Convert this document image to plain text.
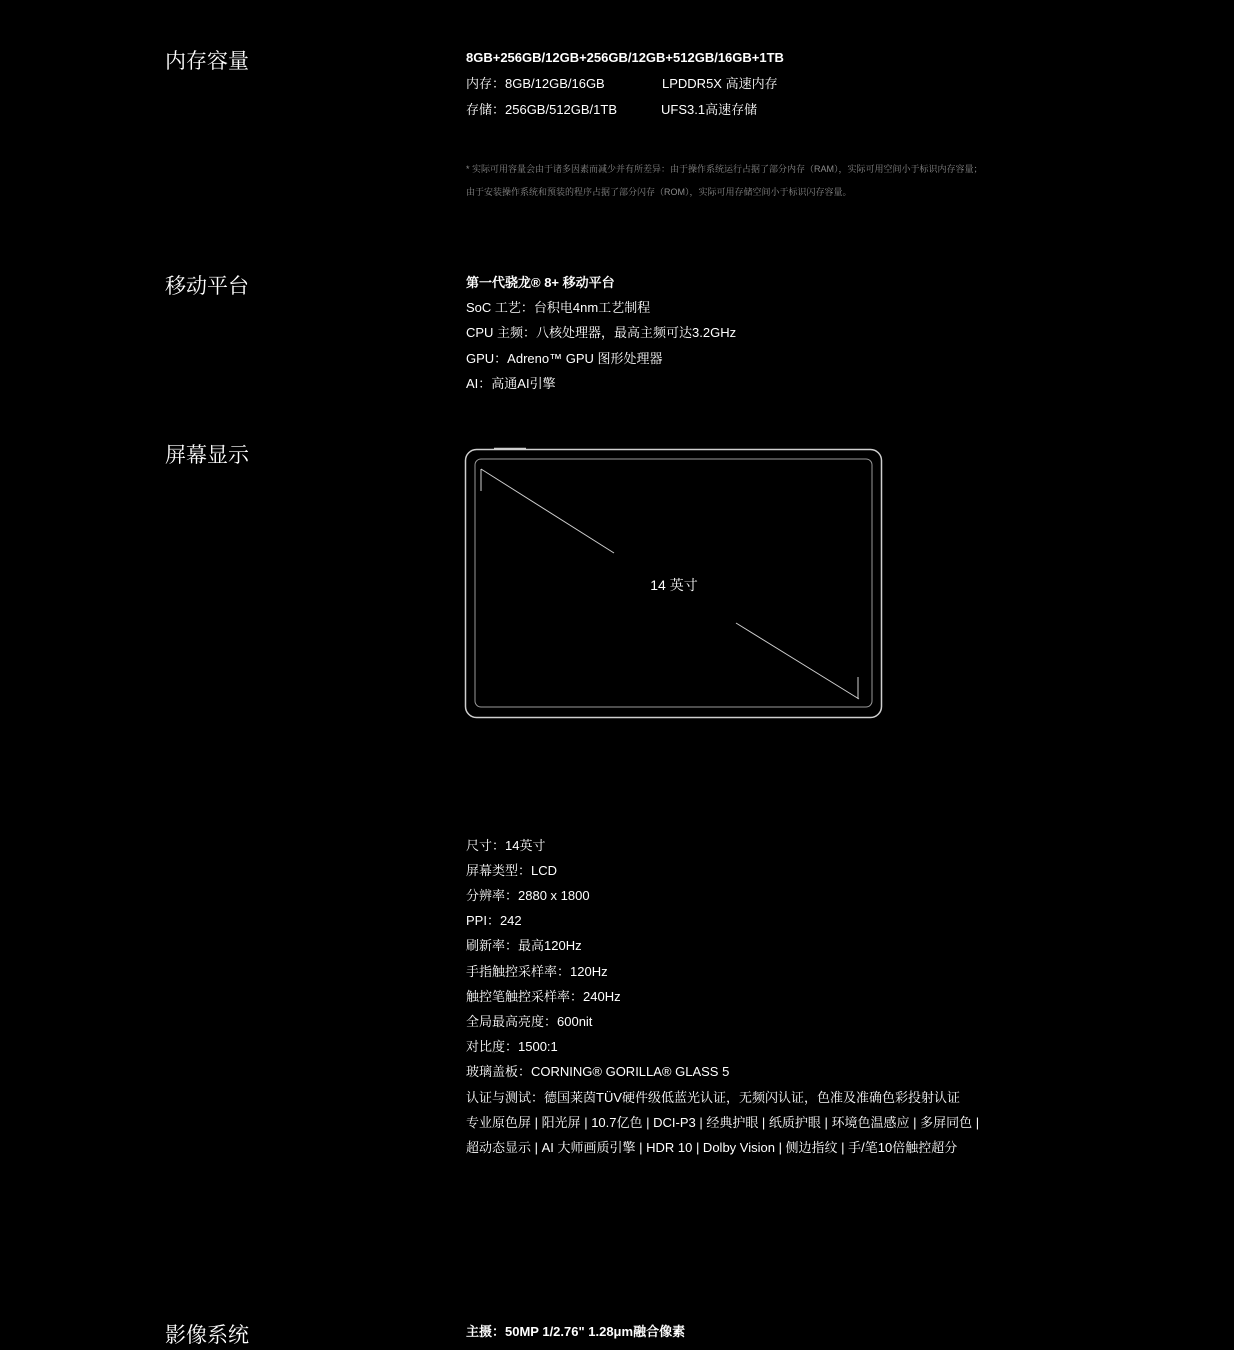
内存容量	8GB+256GB/12GB+256GB/12GB+512GB/16GB+1TB
内存：8GB/12GB/16GB	LPDDR5X 高速内存
存储：256GB/512GB/1TB	UFS3.1高速存储
* 实际可用容量会由于诸多因素而减少并有所差异：由于操作系统运行占据了部分内存（RAM），实际可用空间小于标识内存容量；
由于安装操作系统和预装的程序占据了部分闪存（ROM），实际可用存储空间小于标识闪存容量。
移动平台	第一代骁龙® 8+ 移动平台
SoC 工艺：台积电4nm工艺制程
CPU 主频：八核处理器，最高主频可达3.2GHz
GPU：Adreno™ GPU 图形处理器
AI：高通AI引擎
屏幕显示
14 英寸
尺寸：14英寸
屏幕类型：LCD
分辨率：2880 x 1800
PPI：242
刷新率：最高120Hz
手指触控采样率：120Hz
触控笔触控采样率：240Hz
全局最高亮度：600nit
对比度：1500:1
玻璃盖板：CORNING® GORILLA® GLASS 5
认证与测试：德国莱茵TÜV硬件级低蓝光认证，无频闪认证，色准及准确色彩投射认证
专业原色屏 | 阳光屏 | 10.7亿色 | DCI-P3 | 经典护眼 | 纸质护眼 | 环境色温感应 | 多屏同色 |
超动态显示 | AI 大师画质引擎 | HDR 10 | Dolby Vision | 侧边指纹 | 手/笔10倍触控超分
影像系统	主摄：50MP 1/2.76" 1.28μm融合像素
